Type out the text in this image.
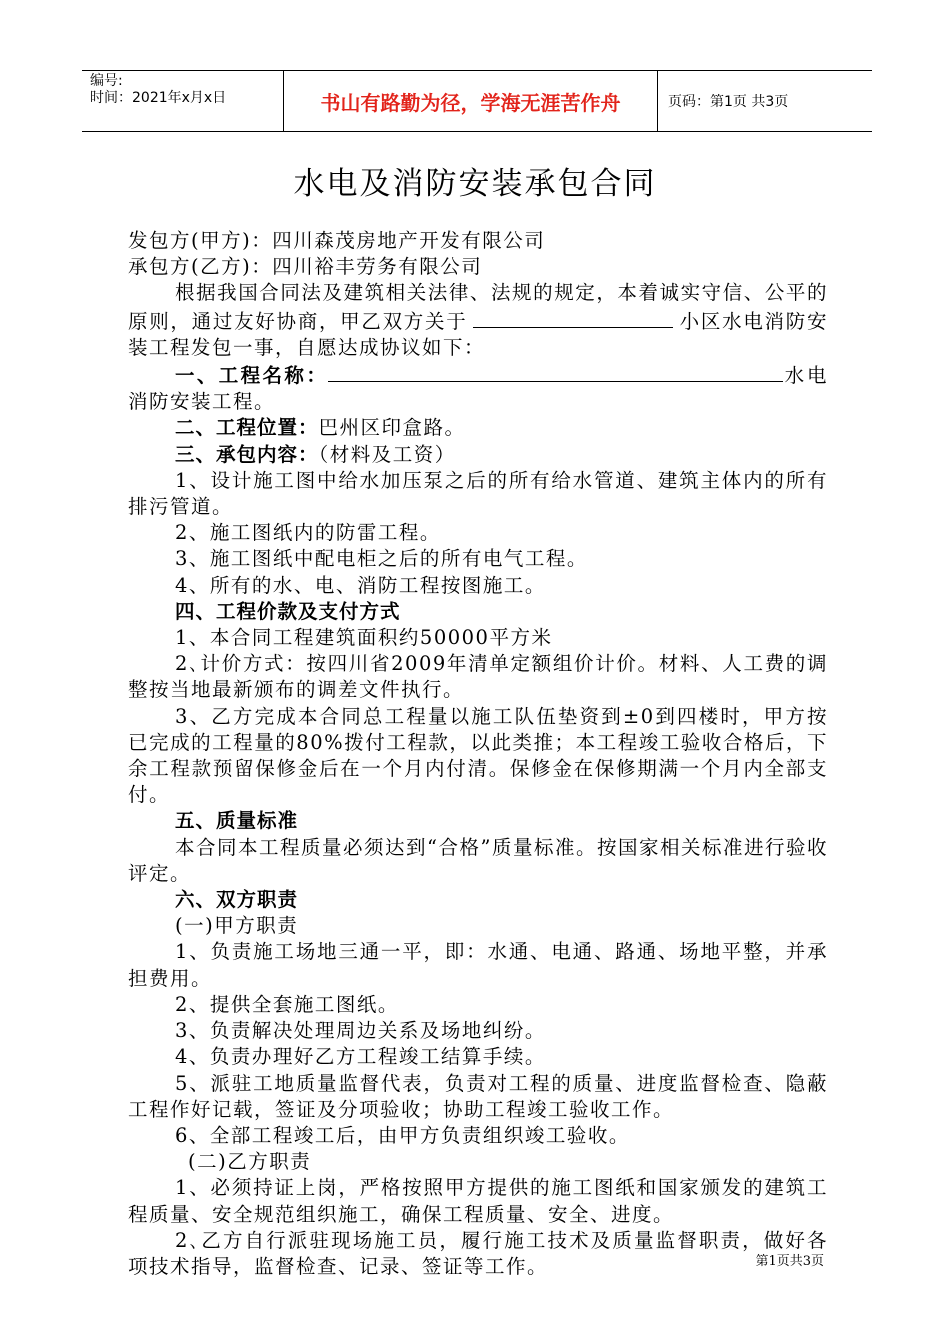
编号:
时间：2021年x月x日	书山有路勤为径，学海无涯苦作舟	页码：第1页 共3页
水电及消防安装承包合同

发包方(甲方)：四川森茂房地产开发有限公司

承包方(乙方)：四川裕丰劳务有限公司

根据我国合同法及建筑相关法律、法规的规定，本着诚实守信、公平的原则，通过友好协商，甲乙双方关于	小区水电消防安装工程发包一事，自愿达成协议如下：

一、工程名称：	水电消防安装工程。

二、工程位置：巴州区印盒路。

三、承包内容：（材料及工资）

1、设计施工图中给水加压泵之后的所有给水管道、建筑主体内的所有排污管道。

2、施工图纸内的防雷工程。

3、施工图纸中配电柜之后的所有电气工程。

4、所有的水、电、消防工程按图施工。

四、工程价款及支付方式

1、本合同工程建筑面积约50000平方米

2､计价方式：按四川省2009年清单定额组价计价。材料、人工费的调整按当地最新颁布的调差文件执行。

3、乙方完成本合同总工程量以施工队伍垫资到±0到四楼时，甲方按已完成的工程量的80%拨付工程款，以此类推；本工程竣工验收合格后，下余工程款预留保修金后在一个月内付清。保修金在保修期满一个月内全部支付。

五、质量标准

本合同本工程质量必须达到“合格”质量标准。按国家相关标准进行验收评定。

六、双方职责

(一)甲方职责

1、负责施工场地三通一平，即：水通、电通、路通、场地平整，并承担费用。

2、提供全套施工图纸。

3、负责解决处理周边关系及场地纠纷。

4、负责办理好乙方工程竣工结算手续。

5、派驻工地质量监督代表，负责对工程的质量、进度监督检查、隐蔽工程作好记载，签证及分项验收；协助工程竣工验收工作。

6、全部工程竣工后，由甲方负责组织竣工验收。

(二)乙方职责

1、必须持证上岗，严格按照甲方提供的施工图纸和国家颁发的建筑工程质量、安全规范组织施工，确保工程质量、安全、进度。

2､乙方自行派驻现场施工员，履行施工技术及质量监督职责，做好各项技术指导，监督检查、记录、签证等工作。	第1页共3页
